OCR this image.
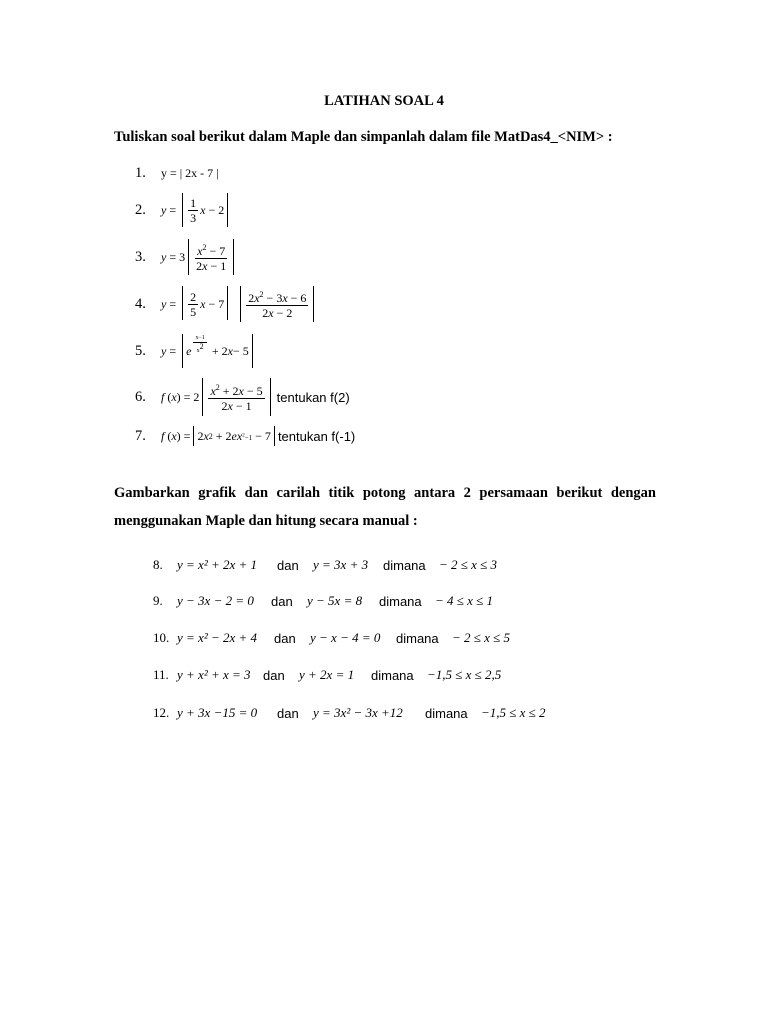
LATIHAN SOAL 4
Tuliskan soal berikut dalam Maple dan simpanlah dalam file MatDas4_<NIM> :
1.	y = | 2x - 7 |
2.	$y = \frac{1}{3}$ x − 2
3.	$y = 3 \frac{x^2 - 7}{2x - 1}$
4.	$y = \frac{2}{5}$ x − 7
$\frac{2x^2 - 3x - 6}{2x - 2}$
5.	y = e $^{\frac{x-1}{x^2}}$ + 2 x − 5
6.	f ( x ) = $2 \frac{x^2 + 2x - 5}{2x - 1}$ tentukan f(2)
7.	f ( x ) =
2 x 2 + 2 e $x^2-1 - 7$ tentukan f(-1)
Gambarkan grafik dan carilah titik potong antara 2 persamaan berikut dengan
menggunakan Maple dan hitung secara manual :
8.	y = x² + 2x + 1	dan	y = 3x + 3	dimana	− 2 ≤ x ≤ 3
9.	y − 3x − 2 = 0	dan	y − 5x = 8	dimana	− 4 ≤ x ≤ 1
10. y = x² − 2x + 4	dan	y − x − 4 = 0	dimana	− 2 ≤ x ≤ 5
11. y + x² + x = 3 dan	y + 2x = 1	dimana	−1,5 ≤ x ≤ 2,5
12. y + 3x −15 = 0	dan	y = 3x² − 3x +12	dimana	−1,5 ≤ x ≤ 2
